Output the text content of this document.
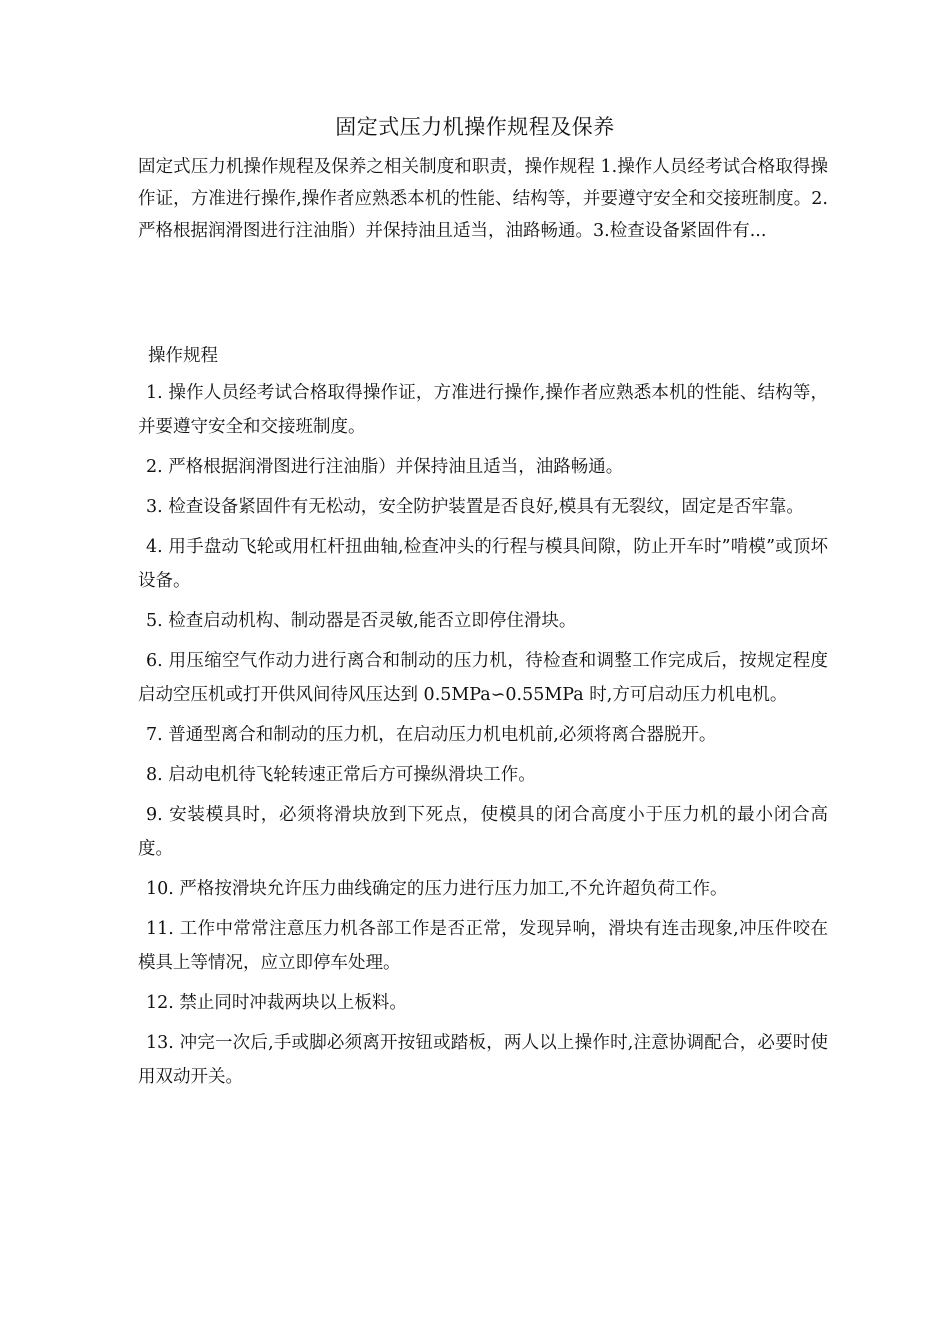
固定式压力机操作规程及保养
固定式压力机操作规程及保养之相关制度和职责，操作规程 1.操作人员经考试合格取得操作证，方准进行操作,操作者应熟悉本机的性能、结构等，并要遵守安全和交接班制度。2.严格根据润滑图进行注油脂）并保持油且适当，油路畅通。3.检查设备紧固件有...
操作规程
1. 操作人员经考试合格取得操作证，方准进行操作,操作者应熟悉本机的性能、结构等，并要遵守安全和交接班制度。
2. 严格根据润滑图进行注油脂）并保持油且适当，油路畅通。
3. 检查设备紧固件有无松动，安全防护装置是否良好,模具有无裂纹，固定是否牢靠。
4. 用手盘动飞轮或用杠杆扭曲轴,检查冲头的行程与模具间隙，防止开车时”啃模”或顶坏设备。
5. 检查启动机构、制动器是否灵敏,能否立即停住滑块。
6. 用压缩空气作动力进行离合和制动的压力机，待检查和调整工作完成后，按规定程度启动空压机或打开供风间待风压达到 0.5MPa∽0.55MPa 时,方可启动压力机电机。
7. 普通型离合和制动的压力机，在启动压力机电机前,必须将离合器脱开。
8. 启动电机待飞轮转速正常后方可操纵滑块工作。
9. 安装模具时，必须将滑块放到下死点，使模具的闭合高度小于压力机的最小闭合高度。
10. 严格按滑块允许压力曲线确定的压力进行压力加工,不允许超负荷工作。
11. 工作中常常注意压力机各部工作是否正常，发现异响，滑块有连击现象,冲压件咬在模具上等情况，应立即停车处理。
12. 禁止同时冲裁两块以上板料。
13. 冲完一次后,手或脚必须离开按钮或踏板，两人以上操作时,注意协调配合，必要时使用双动开关。
